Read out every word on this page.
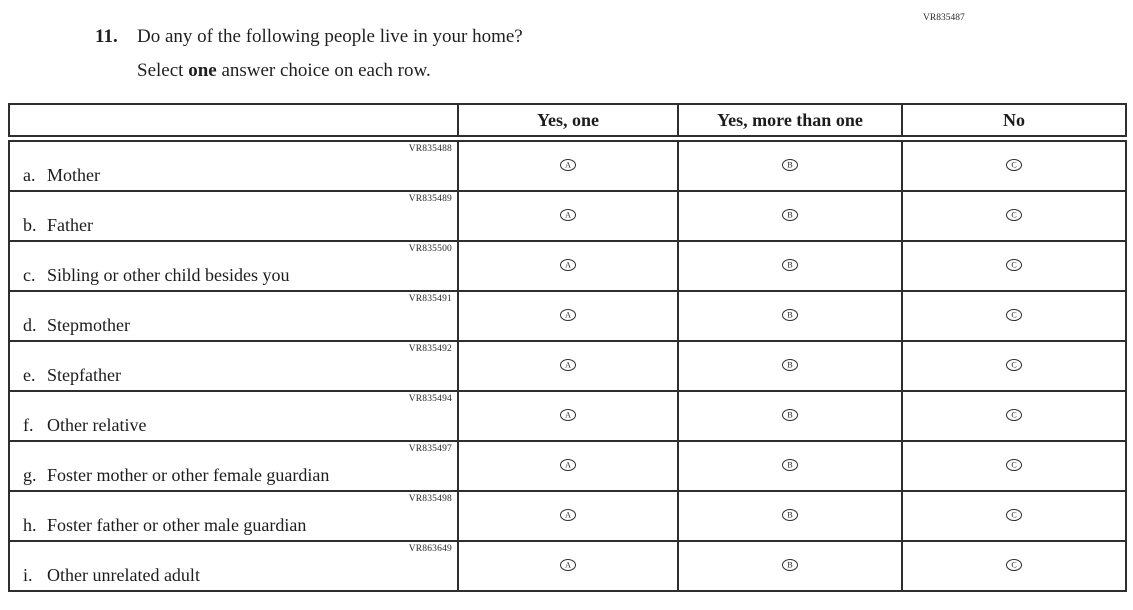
VR835487
11.	Do any of the following people live in your home?
Select one answer choice on each row.
	Yes, one	Yes, more than one	No

VR835488
a. Mother	A	B	C

VR835489
b. Father	A	B	C

VR835500
c. Sibling or other child besides you	A	B	C

VR835491
d. Stepmother	A	B	C

VR835492
e. Stepfather	A	B	C

VR835494
f. Other relative	A	B	C

VR835497
g. Foster mother or other female guardian	A	B	C

VR835498
h. Foster father or other male guardian	A	B	C

VR863649
i. Other unrelated adult	A	B	C
